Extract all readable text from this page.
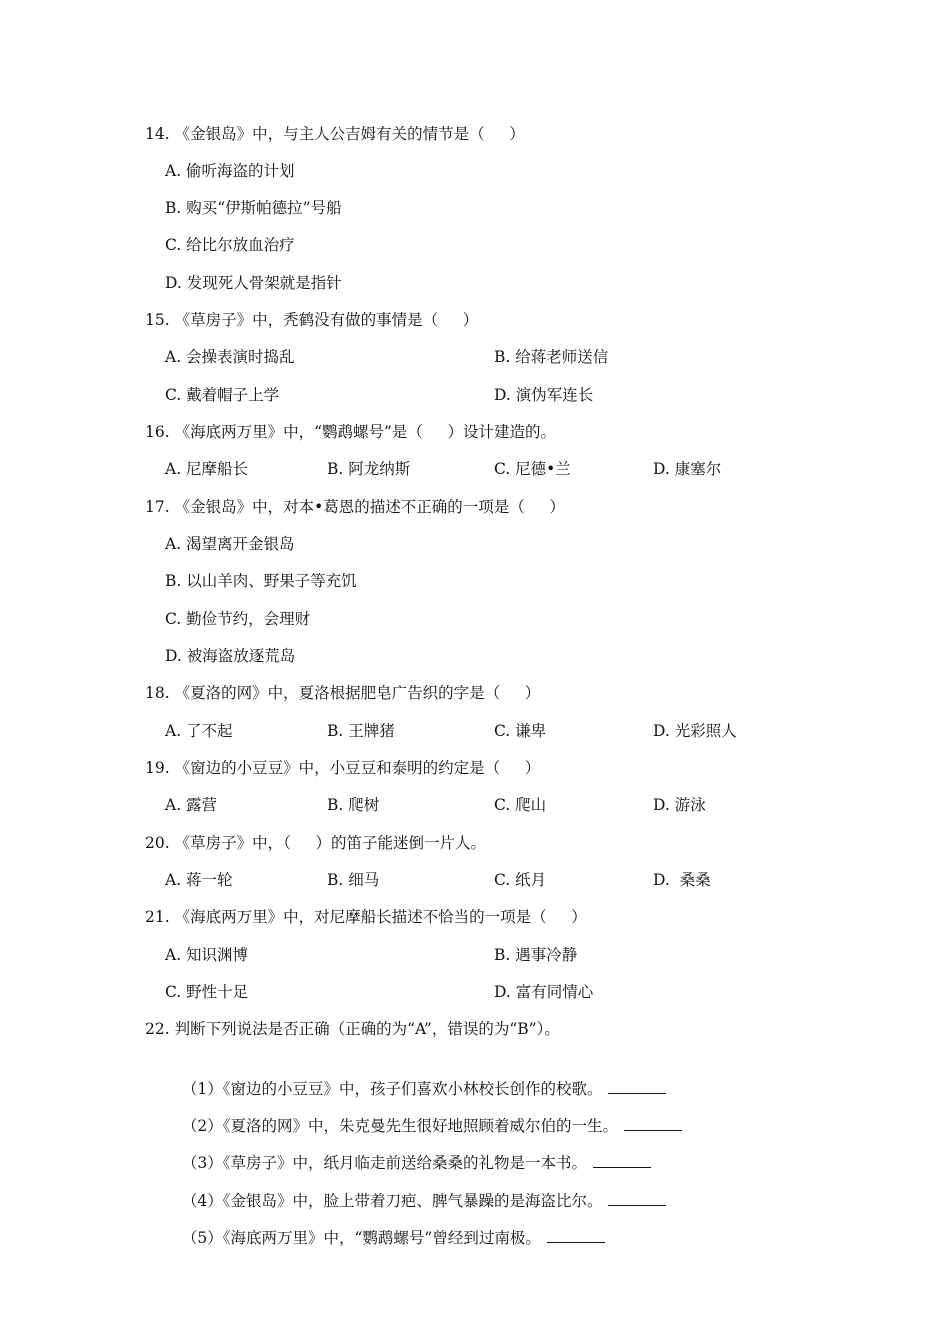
14. 《金银岛》中，与主人公吉姆有关的情节是（     ）
A. 偷听海盗的计划
B. 购买“伊斯帕德拉”号船
C. 给比尔放血治疗
D. 发现死人骨架就是指针
15. 《草房子》中，秃鹤没有做的事情是（     ）
A. 会操表演时捣乱	B. 给蒋老师送信
C. 戴着帽子上学	D. 演伪军连长
16. 《海底两万里》中，“鹦鹉螺号”是（     ）设计建造的。
A. 尼摩船长	B. 阿龙纳斯	C. 尼德•兰	D. 康塞尔
17. 《金银岛》中，对本•葛恩的描述不正确的一项是（     ）
A. 渴望离开金银岛
B. 以山羊肉、野果子等充饥
C. 勤俭节约，会理财
D. 被海盗放逐荒岛
18. 《夏洛的网》中，夏洛根据肥皂广告织的字是（     ）
A. 了不起	B. 王牌猪	C. 谦卑	D. 光彩照人
19. 《窗边的小豆豆》中，小豆豆和泰明的约定是（     ）
A. 露营	B. 爬树	C. 爬山	D. 游泳
20. 《草房子》中，（     ）的笛子能迷倒一片人。
A. 蒋一轮	B. 细马	C. 纸月	D.  桑桑
21. 《海底两万里》中，对尼摩船长描述不恰当的一项是（     ）
A. 知识渊博	B. 遇事冷静
C. 野性十足	D. 富有同情心
22. 判断下列说法是否正确（正确的为“A”，错误的为“B”）。

（1）《窗边的小豆豆》中，孩子们喜欢小林校长创作的校歌。

（2）《夏洛的网》中，朱克曼先生很好地照顾着威尔伯的一生。

（3）《草房子》中，纸月临走前送给桑桑的礼物是一本书。

（4）《金银岛》中，脸上带着刀疤、脾气暴躁的是海盗比尔。

（5）《海底两万里》中，“鹦鹉螺号”曾经到过南极。
